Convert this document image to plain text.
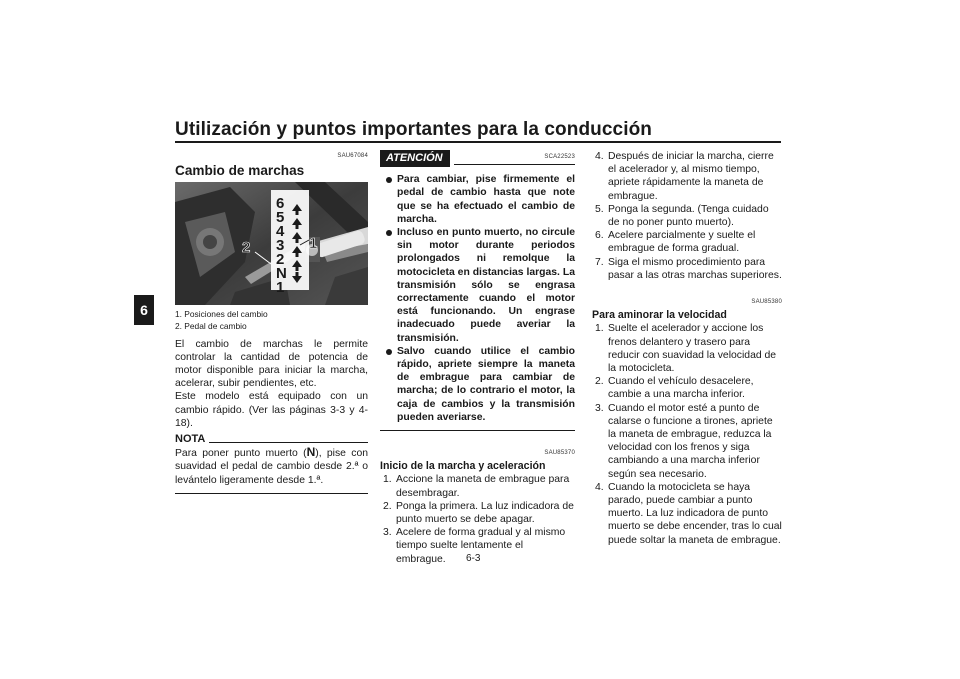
Utilización y puntos importantes para la conducción
6
SAU67084
Cambio de marchas
6
5
4
3
2
N
1
2	1
1. Posiciones del cambio
2. Pedal de cambio

El cambio de marchas le permite controlar la cantidad de potencia de motor disponible para iniciar la marcha, acelerar, subir pendientes, etc.

Este modelo está equipado con un cambio rápido. (Ver las páginas 3-3 y 4-18).

NOTA

Para poner punto muerto (N), pise con suavidad el pedal de cambio desde 2.ª o levántelo ligeramente desde 1.ª.

ATENCIÓN	SCA22523
Para cambiar, pise firmemente el pedal de cambio hasta que note que se ha efectuado el cambio de marcha.
Incluso en punto muerto, no circule sin motor durante periodos prolongados ni remolque la motocicleta en distancias largas. La transmisión sólo se engrasa correctamente cuando el motor está funcionando. Un engrase inadecuado puede averiar la transmisión.
Salvo cuando utilice el cambio rápido, apriete siempre la maneta de embrague para cambiar de marcha; de lo contrario el motor, la caja de cambios y la transmisión pueden averiarse.
SAU85370
Inicio de la marcha y aceleración
1. Accione la maneta de embrague para desembragar.
2. Ponga la primera. La luz indicadora de punto muerto se debe apagar.
3. Acelere de forma gradual y al mismo tiempo suelte lentamente el embrague.
4. Después de iniciar la marcha, cierre el acelerador y, al mismo tiempo, apriete rápidamente la maneta de embrague.
5. Ponga la segunda. (Tenga cuidado de no poner punto muerto).
6. Acelere parcialmente y suelte el embrague de forma gradual.
7. Siga el mismo procedimiento para pasar a las otras marchas superiores.
SAU85380
Para aminorar la velocidad
1. Suelte el acelerador y accione los frenos delantero y trasero para reducir con suavidad la velocidad de la motocicleta.
2. Cuando el vehículo desacelere, cambie a una marcha inferior.
3. Cuando el motor esté a punto de calarse o funcione a tirones, apriete la maneta de embrague, reduzca la velocidad con los frenos y siga cambiando a una marcha inferior según sea necesario.
4. Cuando la motocicleta se haya parado, puede cambiar a punto muerto. La luz indicadora de punto muerto se debe encender, tras lo cual puede soltar la maneta de embrague.
6-3
